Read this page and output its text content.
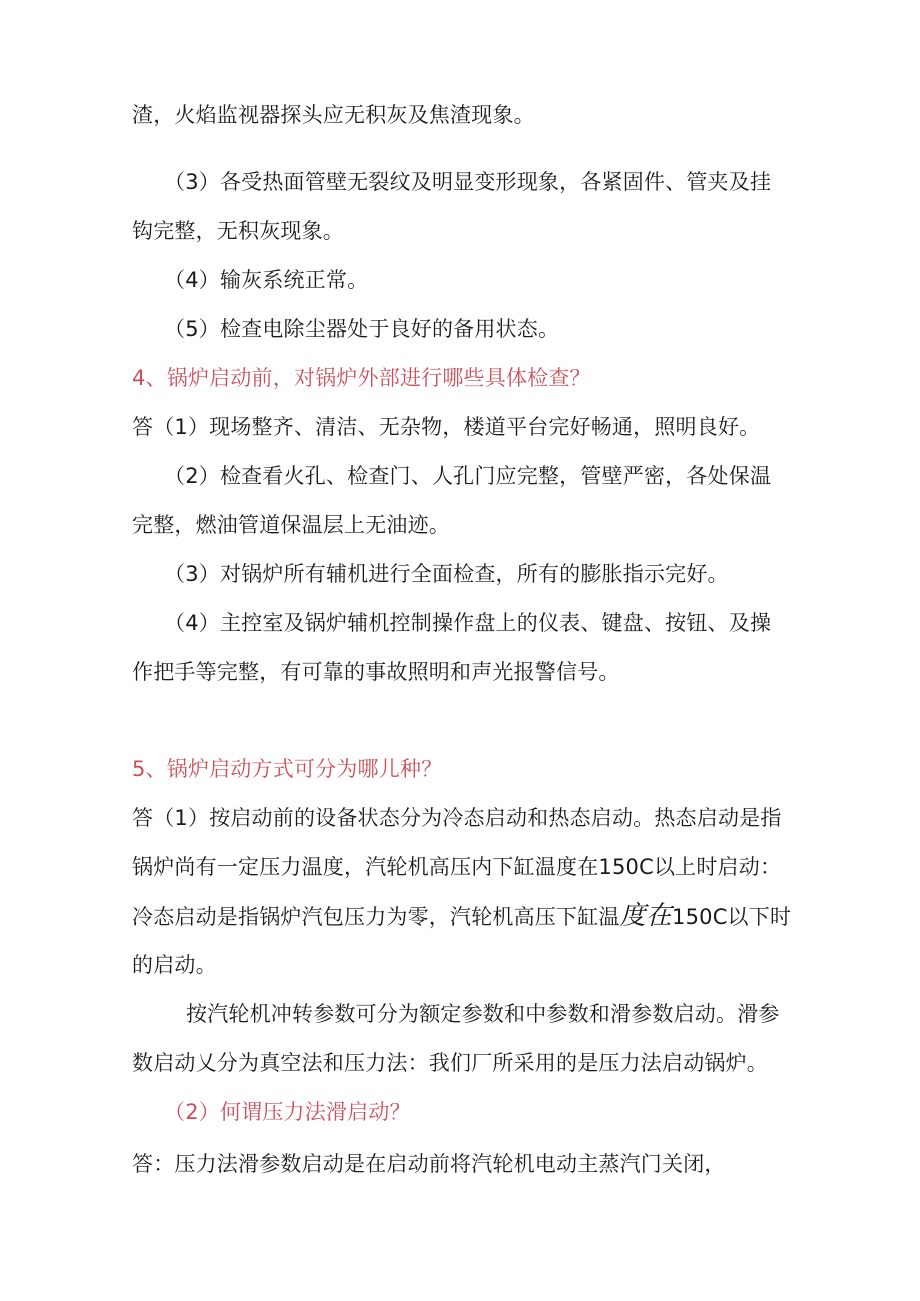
渣，火焰监视器探头应无积灰及焦渣现象。
（3）各受热面管壁无裂纹及明显变形现象，各紧固件、管夹及挂
钩完整，无积灰现象。
（4）输灰系统正常。
（5）检查电除尘器处于良好的备用状态。
4、锅炉启动前，对锅炉外部进行哪些具体检查？
答（1）现场整齐、清洁、无杂物，楼道平台完好畅通，照明良好。
（2）检查看火孔、检查门、人孔门应完整，管壁严密，各处保温
完整，燃油管道保温层上无油迹。
（3）对锅炉所有辅机进行全面检查，所有的膨胀指示完好。
（4）主控室及锅炉辅机控制操作盘上的仪表、键盘、按钮、及操
作把手等完整，有可靠的事故照明和声光报警信号。
5、锅炉启动方式可分为哪儿种？
答（1）按启动前的设备状态分为冷态启动和热态启动。热态启动是指
锅炉尚有一定压力温度，汽轮机高压内下缸温度在150C以上时启动：
冷态启动是指锅炉汽包压力为零，汽轮机高压下缸温度在150C以下时
的启动。
按汽轮机冲转参数可分为额定参数和中参数和滑参数启动。滑参
数启动乂分为真空法和压力法：我们厂所采用的是压力法启动锅炉。
（2）何谓压力法滑启动？
答：压力法滑参数启动是在启动前将汽轮机电动主蒸汽门关闭，
